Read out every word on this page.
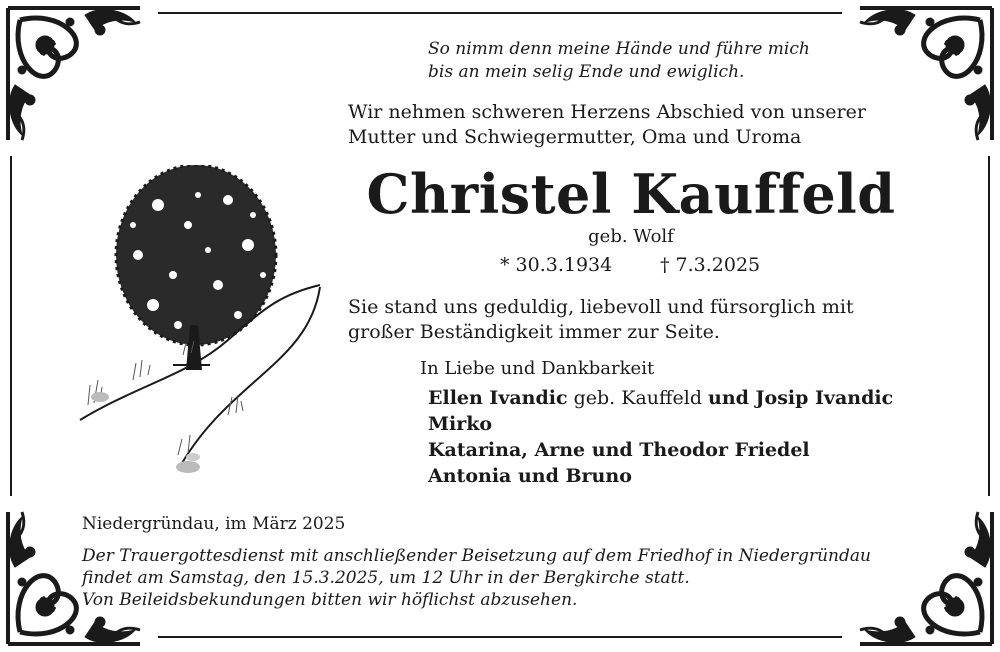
So nimm denn meine Hände und führe mich
bis an mein selig Ende und ewiglich.
Wir nehmen schweren Herzens Abschied von unserer
Mutter und Schwiegermutter, Oma und Uroma
Christel Kauffeld
geb. Wolf
* 30.3.1934	† 7.3.2025
Sie stand uns geduldig, liebevoll und fürsorglich mit
großer Beständigkeit immer zur Seite.
In Liebe und Dankbarkeit
Ellen Ivandic geb. Kauffeld und Josip Ivandic
Mirko
Katarina, Arne und Theodor Friedel
Antonia und Bruno
Niedergründau, im März 2025
Der Trauergottesdienst mit anschließender Beisetzung auf dem Friedhof in Niedergründau
findet am Samstag, den 15.3.2025, um 12 Uhr in der Bergkirche statt.
Von Beileidsbekundungen bitten wir höflichst abzusehen.
